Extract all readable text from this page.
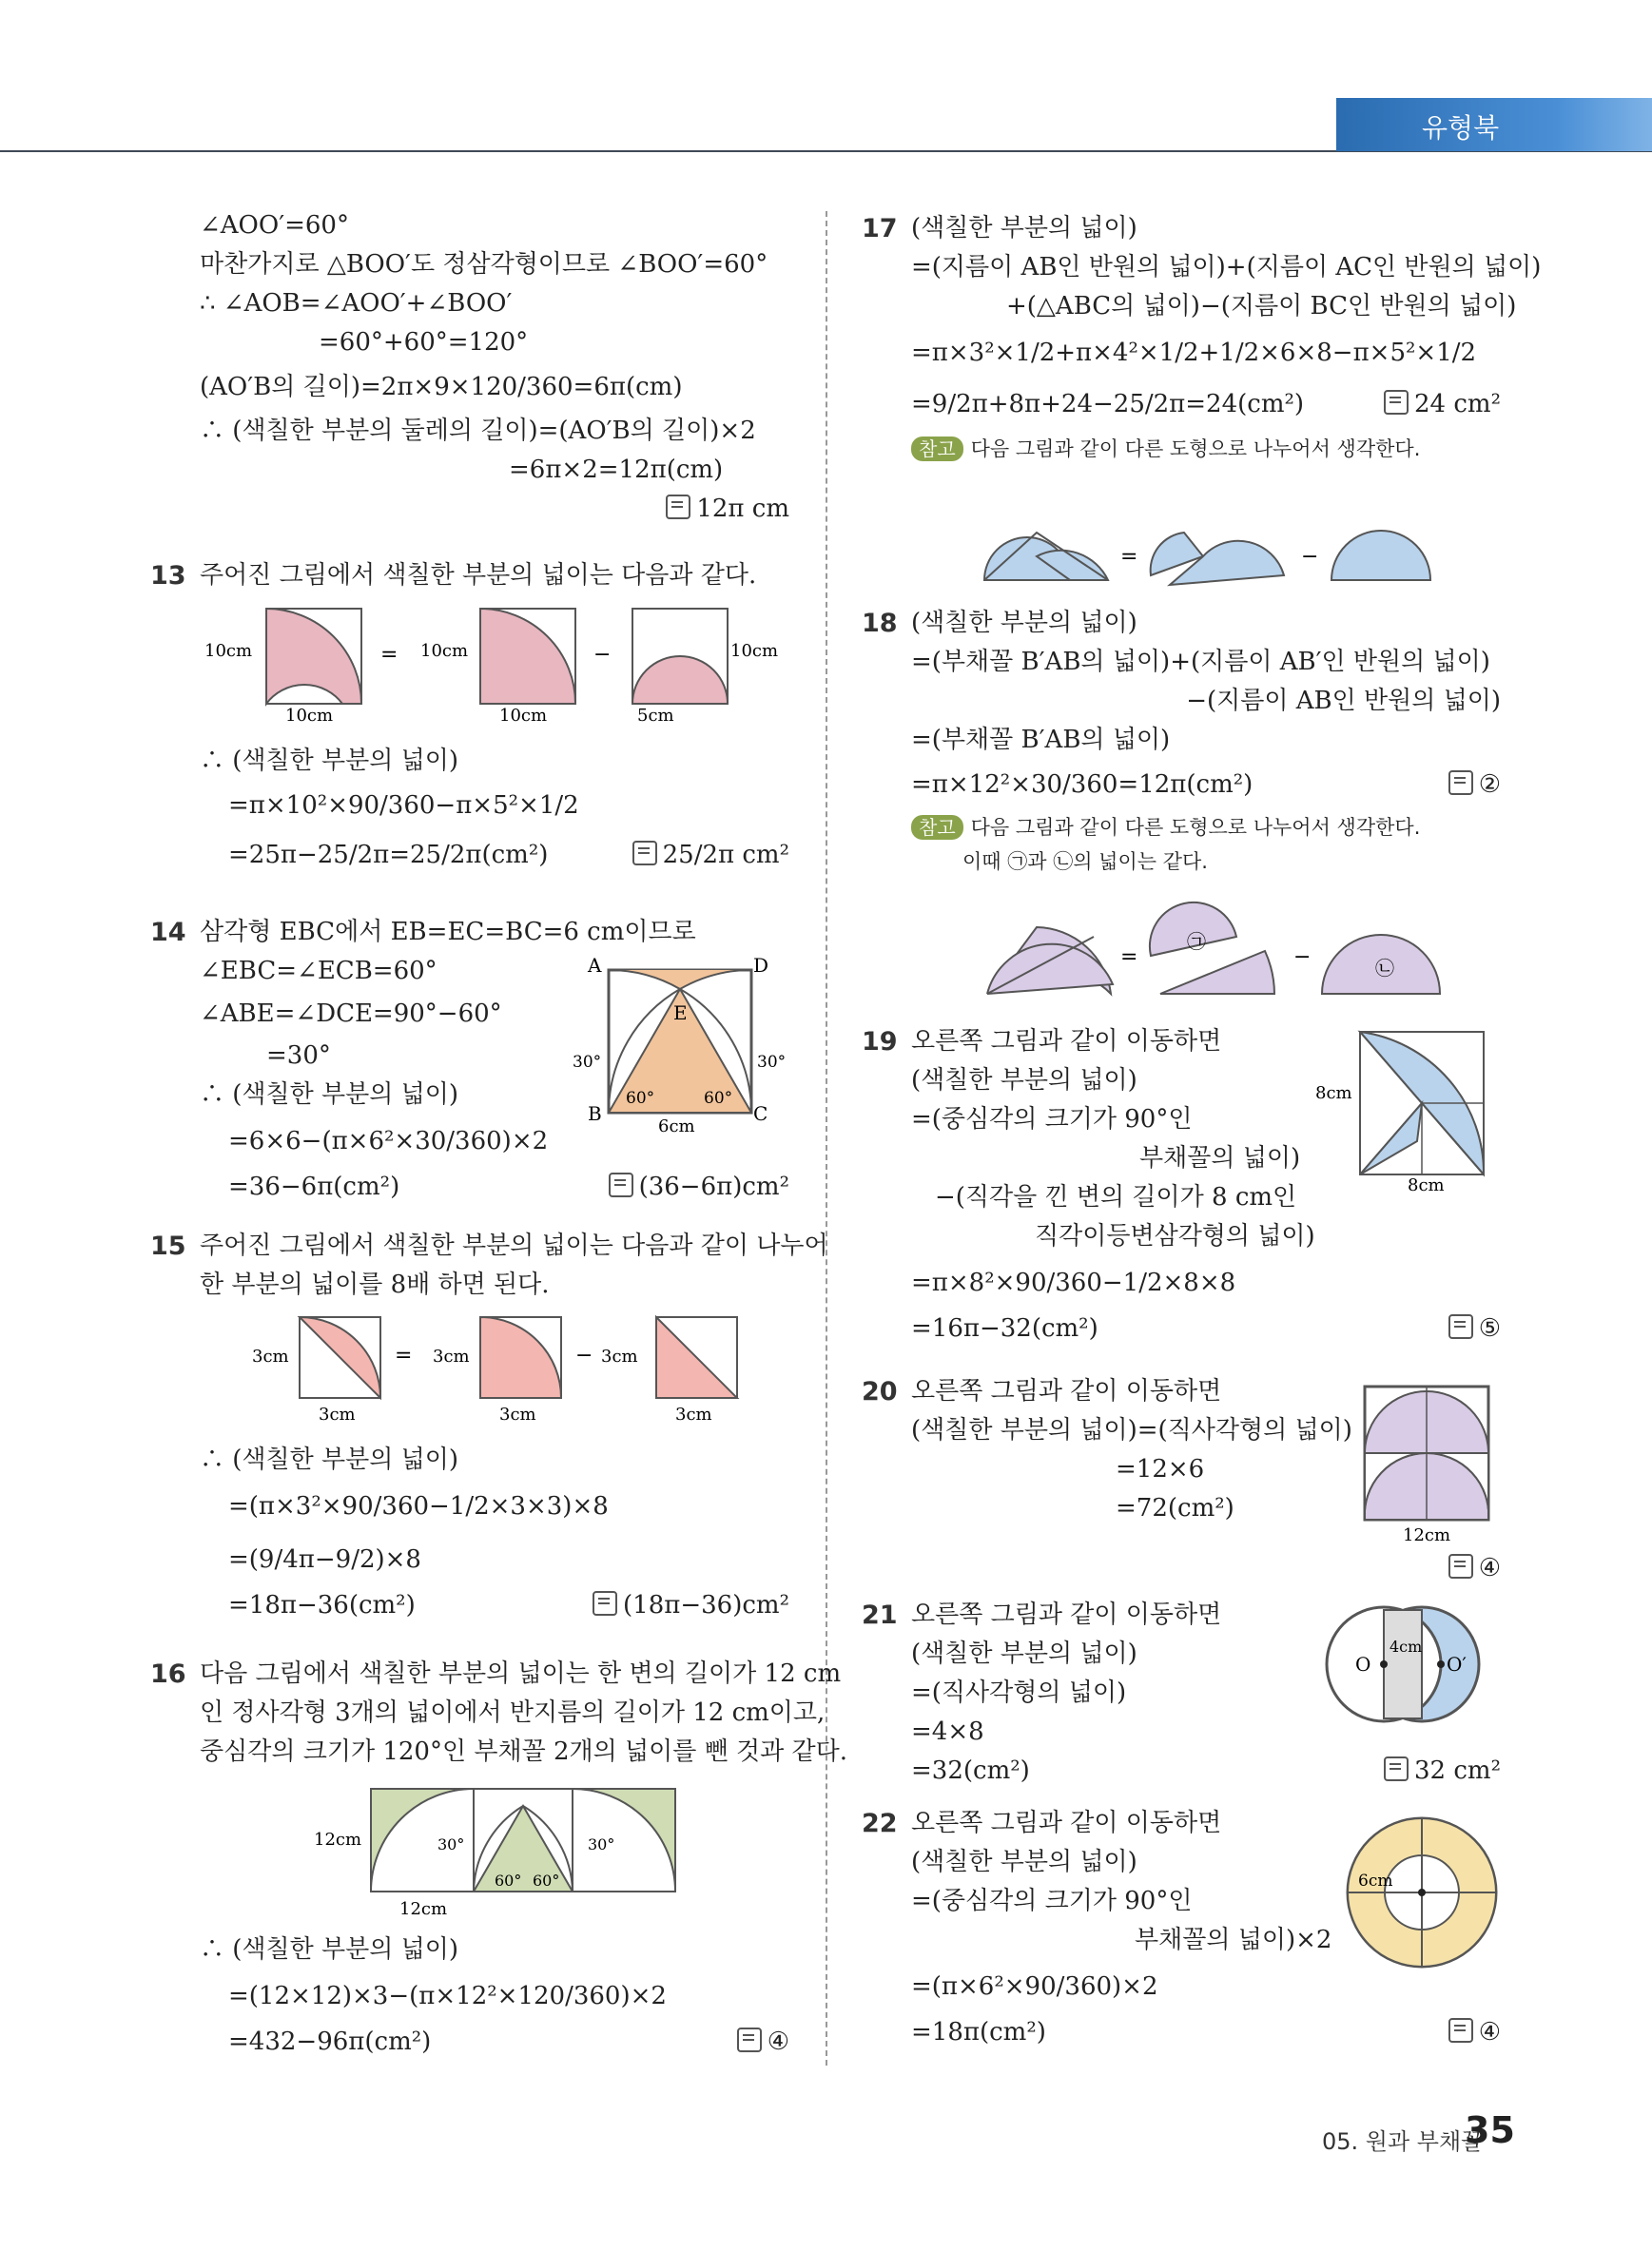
유형북
∠AOO′=60°
마찬가지로 △BOO′도 정삼각형이므로 ∠BOO′=60°
∴ ∠AOB=∠AOO′+∠BOO′
=60°+60°=120°
(AO′B의 길이)=2π×9×120/360=6π(cm)
∴ (색칠한 부분의 둘레의 길이)=(AO′B의 길이)×2
=6π×2=12π(cm)
12π cm
13 주어진 그림에서 색칠한 부분의 넓이는 다음과 같다.
10cm
10cm
= 10cm
10cm
−	10cm
5cm
∴ (색칠한 부분의 넓이)
=π×10²×90/360−π×5²×1/2
=25π−25/2π=25/2π(cm²)	25/2π cm²
14 삼각형 EBC에서 EB=EC=BC=6 cm이므로
∠EBC=∠ECB=60°
∠ABE=∠DCE=90°−60°
=30°
∴ (색칠한 부분의 넓이)
=6×6−(π×6²×30/360)×2
=36−6π(cm²)	(36−6π)cm²
A	D
E
B	C
30°	30°
60°	60°
6cm
15 주어진 그림에서 색칠한 부분의 넓이는 다음과 같이 나누어
한 부분의 넓이를 8배 하면 된다.
3cm
3cm
= 3cm
3cm
− 3cm
3cm
∴ (색칠한 부분의 넓이)
=(π×3²×90/360−1/2×3×3)×8
=(9/4π−9/2)×8
=18π−36(cm²)	(18π−36)cm²
16 다음 그림에서 색칠한 부분의 넓이는 한 변의 길이가 12 cm
인 정사각형 3개의 넓이에서 반지름의 길이가 12 cm이고,
중심각의 크기가 120°인 부채꼴 2개의 넓이를 뺀 것과 같다.
12cm
12cm
30°	30°
60° 60°
∴ (색칠한 부분의 넓이)
=(12×12)×3−(π×12²×120/360)×2
=432−96π(cm²)	④
17 (색칠한 부분의 넓이)
=(지름이 AB인 반원의 넓이)+(지름이 AC인 반원의 넓이)
+(△ABC의 넓이)−(지름이 BC인 반원의 넓이)
=π×3²×1/2+π×4²×1/2+1/2×6×8−π×5²×1/2
=9/2π+8π+24−25/2π=24(cm²)	24 cm²
참고 다음 그림과 같이 다른 도형으로 나누어서 생각한다.
=	−
18 (색칠한 부분의 넓이)
=(부채꼴 B′AB의 넓이)+(지름이 AB′인 반원의 넓이)
−(지름이 AB인 반원의 넓이)
=(부채꼴 B′AB의 넓이)
=π×12²×30/360=12π(cm²)	②
참고 다음 그림과 같이 다른 도형으로 나누어서 생각한다.
이때 ㉠과 ㉡의 넓이는 같다.
=
㉠
−	㉡
19 오른쪽 그림과 같이 이동하면
(색칠한 부분의 넓이)
=(중심각의 크기가 90°인
부채꼴의 넓이)
−(직각을 낀 변의 길이가 8 cm인
직각이등변삼각형의 넓이)
=π×8²×90/360−1/2×8×8
=16π−32(cm²)	⑤
8cm
8cm
20 오른쪽 그림과 같이 이동하면
(색칠한 부분의 넓이)=(직사각형의 넓이)
=12×6
=72(cm²)
④
12cm
21 오른쪽 그림과 같이 이동하면
(색칠한 부분의 넓이)
=(직사각형의 넓이)
=4×8
=32(cm²)	32 cm²
O	O′
4cm
22 오른쪽 그림과 같이 이동하면
(색칠한 부분의 넓이)
=(중심각의 크기가 90°인
부채꼴의 넓이)×2
=(π×6²×90/360)×2
=18π(cm²)	④
6cm
05. 원과 부채꼴
35
